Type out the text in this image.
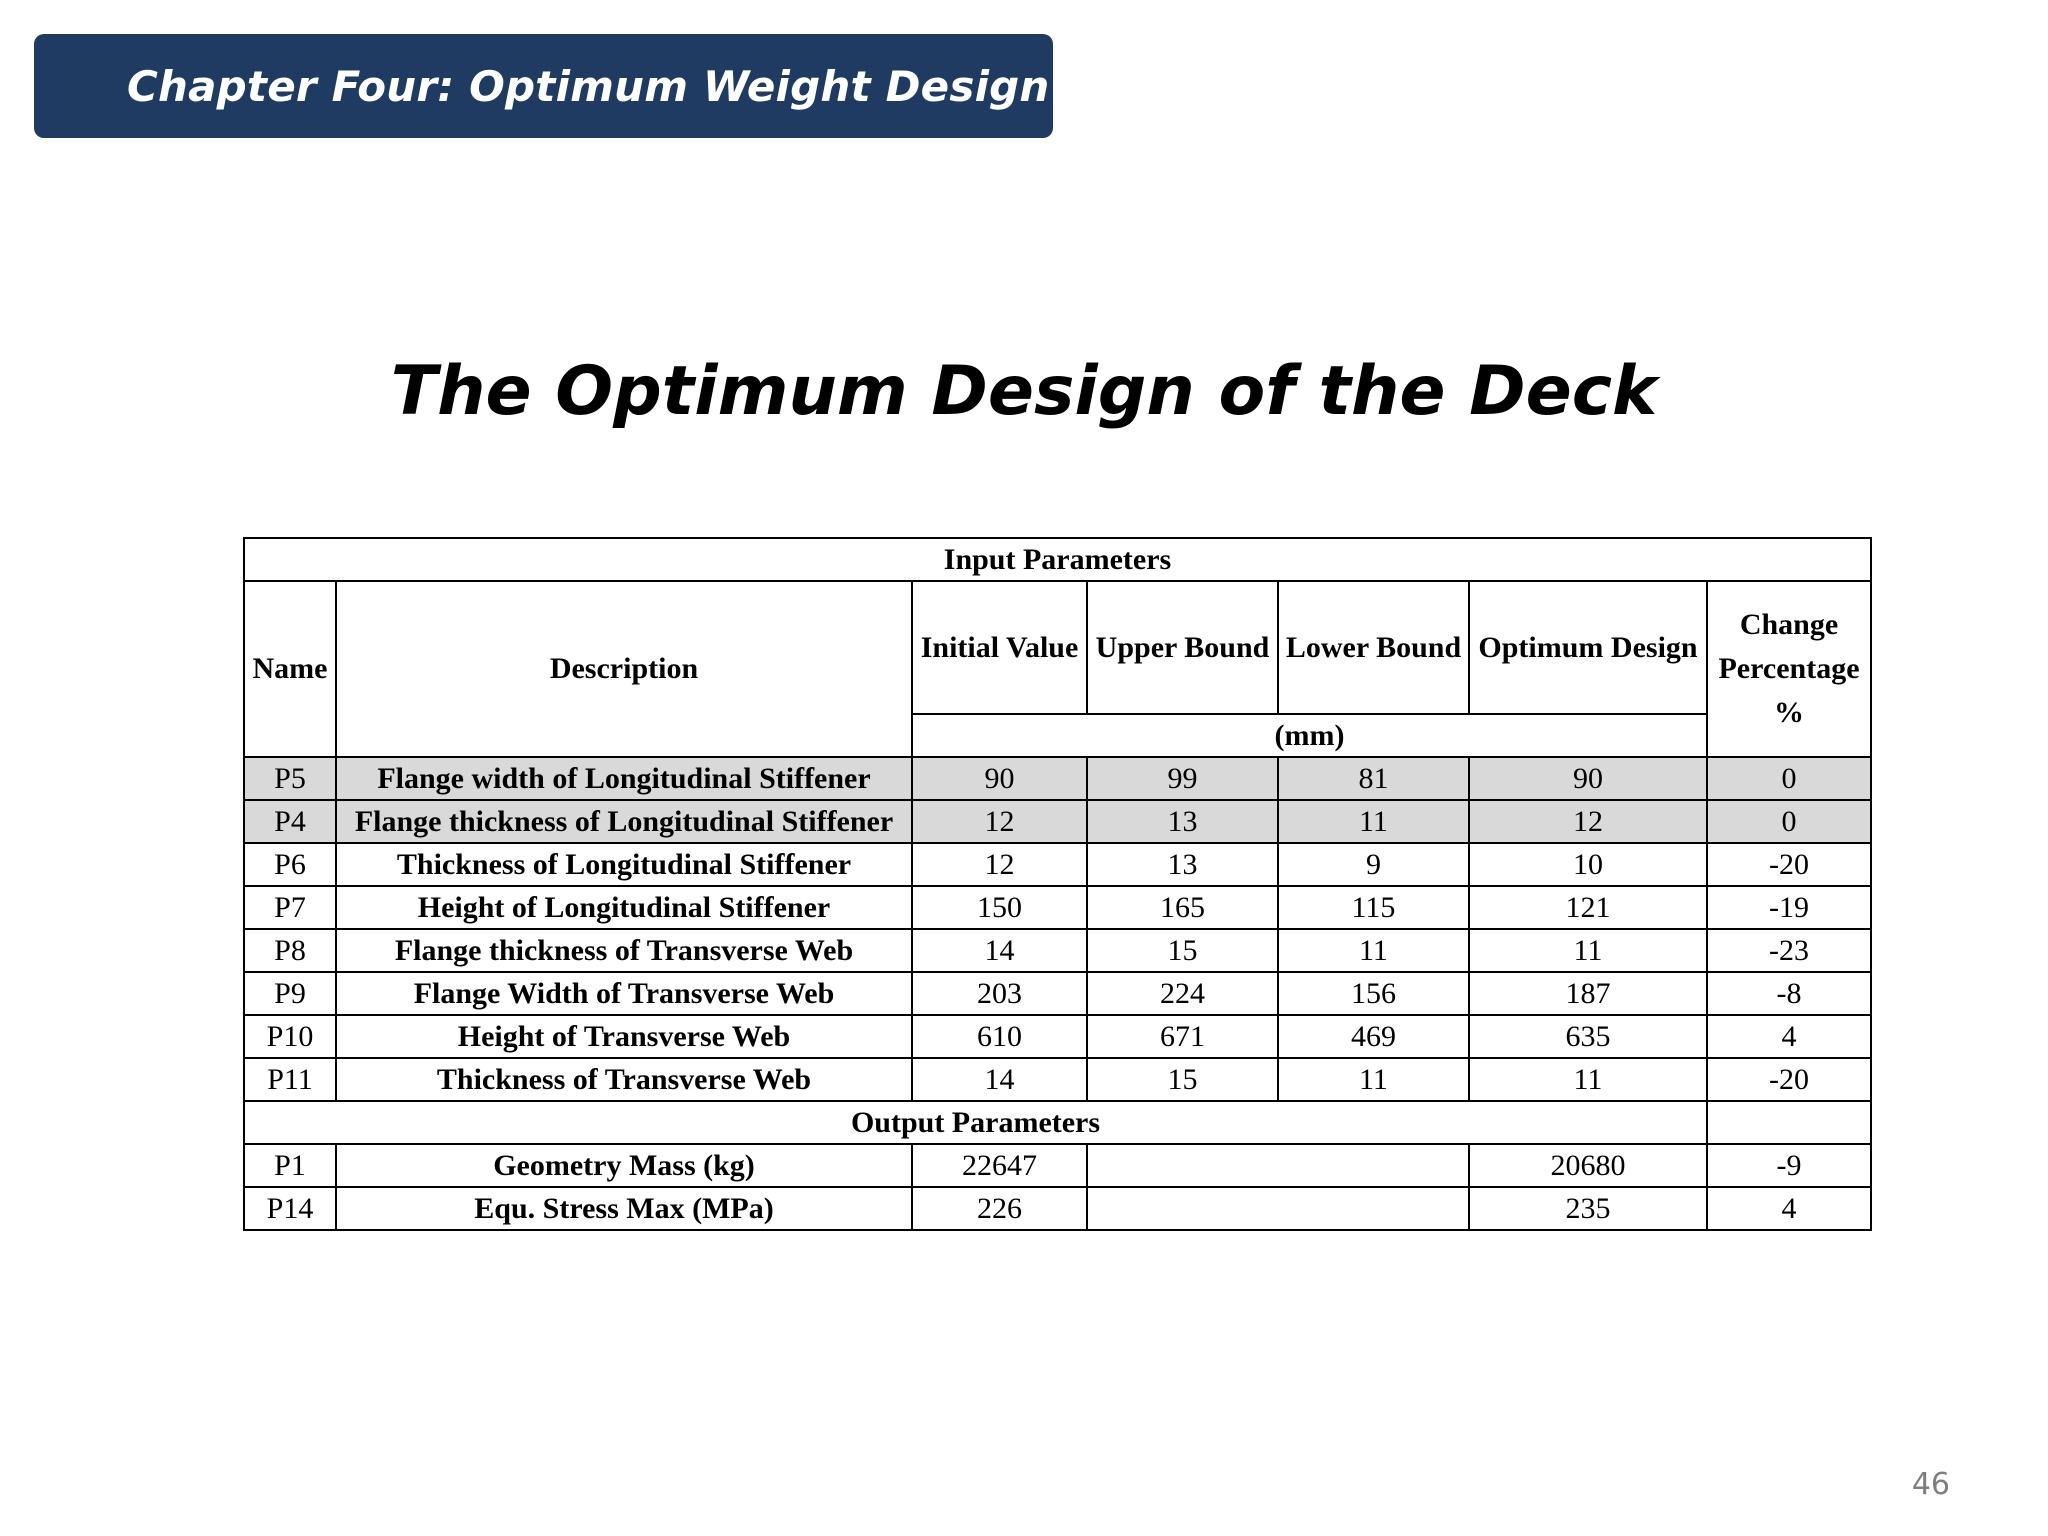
Chapter Four: Optimum Weight Design
The Optimum Design of the Deck
Input Parameters						
Name	Description	Initial Value	Upper Bound	Lower Bound	Optimum Design	Change Percentage %
		(mm)				
P5	Flange width of Longitudinal Stiffener	90	99	81	90	0
P4	Flange thickness of Longitudinal Stiffener	12	13	11	12	0
P6	Thickness of Longitudinal Stiffener	12	13	9	10	-20
P7	Height of Longitudinal Stiffener	150	165	115	121	-19
P8	Flange thickness of Transverse Web	14	15	11	11	-23
P9	Flange Width of Transverse Web	203	224	156	187	-8
P10	Height of Transverse Web	610	671	469	635	4
P11	Thickness of Transverse Web	14	15	11	11	-20
Output Parameters						
P1	Geometry Mass (kg)	22647			20680	-9
P14	Equ. Stress Max (MPa)	226			235	4
46
